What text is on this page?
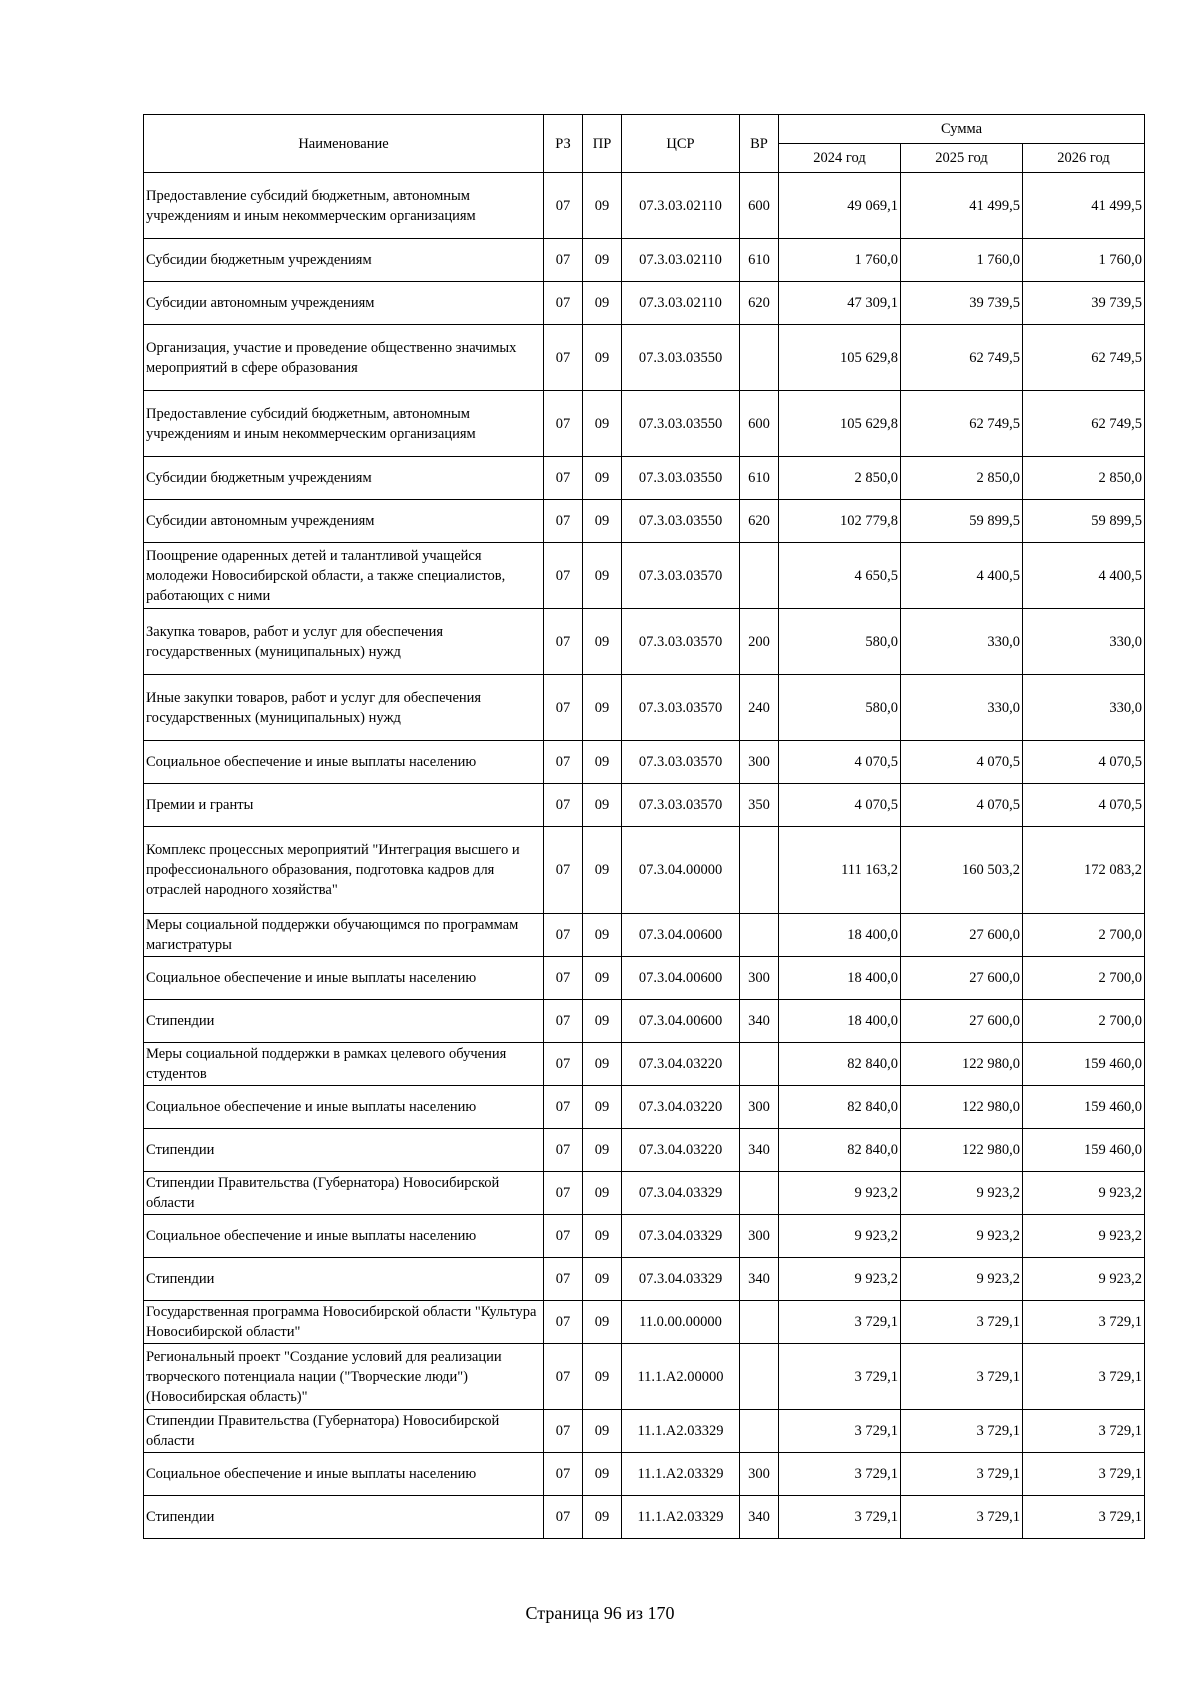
Наименование	РЗ	ПР	ЦСР	ВР	Сумма		
					2024 год	2025 год	2026 год
Предоставление субсидий бюджетным, автономным учреждениям и иным некоммерческим организациям	07	09	07.3.03.02110	600	49 069,1	41 499,5	41 499,5
Субсидии бюджетным учреждениям	07	09	07.3.03.02110	610	1 760,0	1 760,0	1 760,0
Субсидии автономным учреждениям	07	09	07.3.03.02110	620	47 309,1	39 739,5	39 739,5
Организация, участие и проведение общественно значимых мероприятий в сфере образования	07	09	07.3.03.03550		105 629,8	62 749,5	62 749,5
Предоставление субсидий бюджетным, автономным учреждениям и иным некоммерческим организациям	07	09	07.3.03.03550	600	105 629,8	62 749,5	62 749,5
Субсидии бюджетным учреждениям	07	09	07.3.03.03550	610	2 850,0	2 850,0	2 850,0
Субсидии автономным учреждениям	07	09	07.3.03.03550	620	102 779,8	59 899,5	59 899,5
Поощрение одаренных детей и талантливой учащейся молодежи Новосибирской области, а также специалистов, работающих с ними	07	09	07.3.03.03570		4 650,5	4 400,5	4 400,5
Закупка товаров, работ и услуг для обеспечения государственных (муниципальных) нужд	07	09	07.3.03.03570	200	580,0	330,0	330,0
Иные закупки товаров, работ и услуг для обеспечения государственных (муниципальных) нужд	07	09	07.3.03.03570	240	580,0	330,0	330,0
Социальное обеспечение и иные выплаты населению	07	09	07.3.03.03570	300	4 070,5	4 070,5	4 070,5
Премии и гранты	07	09	07.3.03.03570	350	4 070,5	4 070,5	4 070,5
Комплекс процессных мероприятий "Интеграция высшего и профессионального образования, подготовка кадров для отраслей народного хозяйства"	07	09	07.3.04.00000		111 163,2	160 503,2	172 083,2
Меры социальной поддержки обучающимся по программам магистратуры	07	09	07.3.04.00600		18 400,0	27 600,0	2 700,0
Социальное обеспечение и иные выплаты населению	07	09	07.3.04.00600	300	18 400,0	27 600,0	2 700,0
Стипендии	07	09	07.3.04.00600	340	18 400,0	27 600,0	2 700,0
Меры социальной поддержки в рамках целевого обучения студентов	07	09	07.3.04.03220		82 840,0	122 980,0	159 460,0
Социальное обеспечение и иные выплаты населению	07	09	07.3.04.03220	300	82 840,0	122 980,0	159 460,0
Стипендии	07	09	07.3.04.03220	340	82 840,0	122 980,0	159 460,0
Стипендии Правительства (Губернатора) Новосибирской области	07	09	07.3.04.03329		9 923,2	9 923,2	9 923,2
Социальное обеспечение и иные выплаты населению	07	09	07.3.04.03329	300	9 923,2	9 923,2	9 923,2
Стипендии	07	09	07.3.04.03329	340	9 923,2	9 923,2	9 923,2
Государственная программа Новосибирской области "Культура Новосибирской области"	07	09	11.0.00.00000		3 729,1	3 729,1	3 729,1
Региональный проект "Создание условий для реализации творческого потенциала нации ("Творческие люди") (Новосибирская область)"	07	09	11.1.А2.00000		3 729,1	3 729,1	3 729,1
Стипендии Правительства (Губернатора) Новосибирской области	07	09	11.1.А2.03329		3 729,1	3 729,1	3 729,1
Социальное обеспечение и иные выплаты населению	07	09	11.1.А2.03329	300	3 729,1	3 729,1	3 729,1
Стипендии	07	09	11.1.А2.03329	340	3 729,1	3 729,1	3 729,1
Страница 96 из 170
